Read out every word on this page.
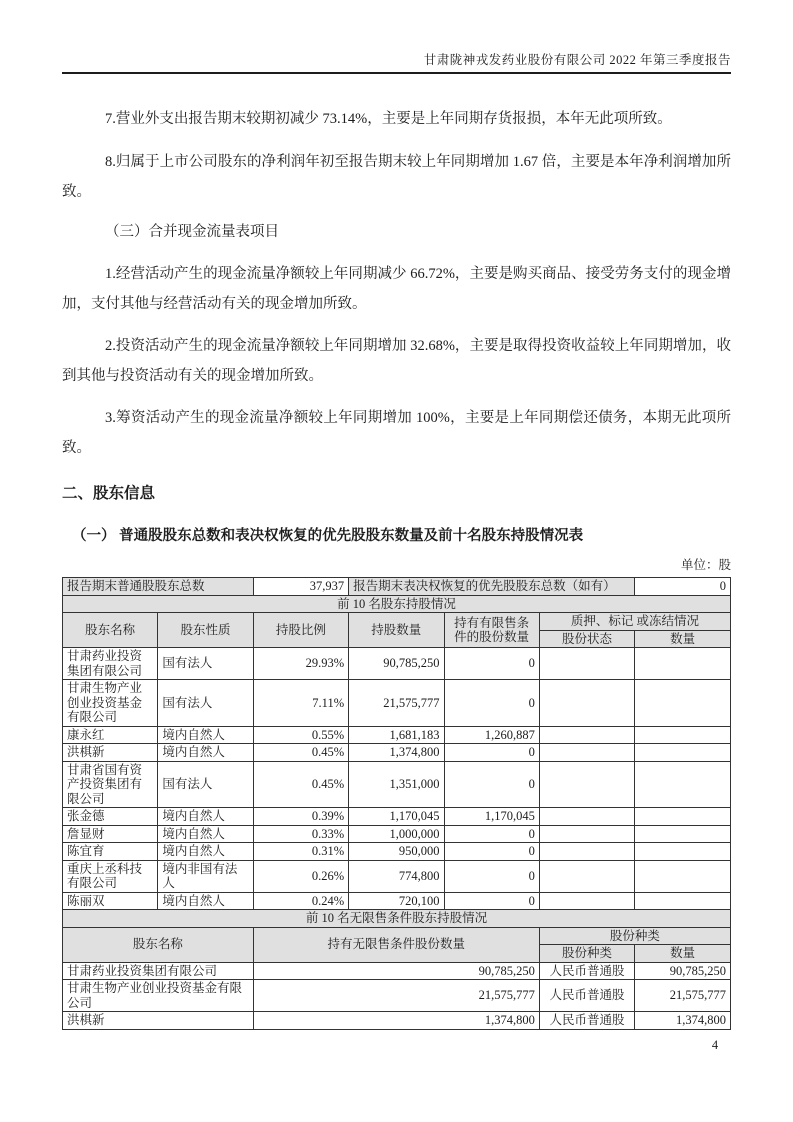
甘肃陇神戎发药业股份有限公司 2022 年第三季度报告

7.营业外支出报告期末较期初减少 73.14%，主要是上年同期存货报损，本年无此项所致。

8.归属于上市公司股东的净利润年初至报告期末较上年同期增加 1.67 倍，主要是本年净利润增加所致。

（三）合并现金流量表项目

1.经营活动产生的现金流量净额较上年同期减少 66.72%，主要是购买商品、接受劳务支付的现金增加，支付其他与经营活动有关的现金增加所致。

2.投资活动产生的现金流量净额较上年同期增加 32.68%，主要是取得投资收益较上年同期增加，收到其他与投资活动有关的现金增加所致。

3.筹资活动产生的现金流量净额较上年同期增加 100%，主要是上年同期偿还债务，本期无此项所致。

二、股东信息
（一） 普通股股东总数和表决权恢复的优先股股东数量及前十名股东持股情况表
单位：股
报告期末普通股股东总数		37,937	报告期末表决权恢复的优先股股东总数（如有）			0
前 10 名股东持股情况						
股东名称	股东性质	持股比例	持股数量	持有有限售条件的股份数量	质押、标记 或冻结情况	
					股份状态	数量
甘肃药业投资集团有限公司	国有法人	29.93%	90,785,250	0		
甘肃生物产业创业投资基金有限公司	国有法人	7.11%	21,575,777	0		
康永红	境内自然人	0.55%	1,681,183	1,260,887		
洪棋新	境内自然人	0.45%	1,374,800	0		
甘肃省国有资产投资集团有限公司	国有法人	0.45%	1,351,000	0		
张金德	境内自然人	0.39%	1,170,045	1,170,045		
詹显财	境内自然人	0.33%	1,000,000	0		
陈宜育	境内自然人	0.31%	950,000	0		
重庆上丞科技有限公司	境内非国有法人	0.26%	774,800	0		
陈丽双	境内自然人	0.24%	720,100	0		
前 10 名无限售条件股东持股情况						
股东名称		持有无限售条件股份数量			股份种类	
					股份种类	数量
甘肃药业投资集团有限公司		90,785,250			人民币普通股	90,785,250
甘肃生物产业创业投资基金有限公司		21,575,777			人民币普通股	21,575,777
洪棋新		1,374,800			人民币普通股	1,374,800
4
